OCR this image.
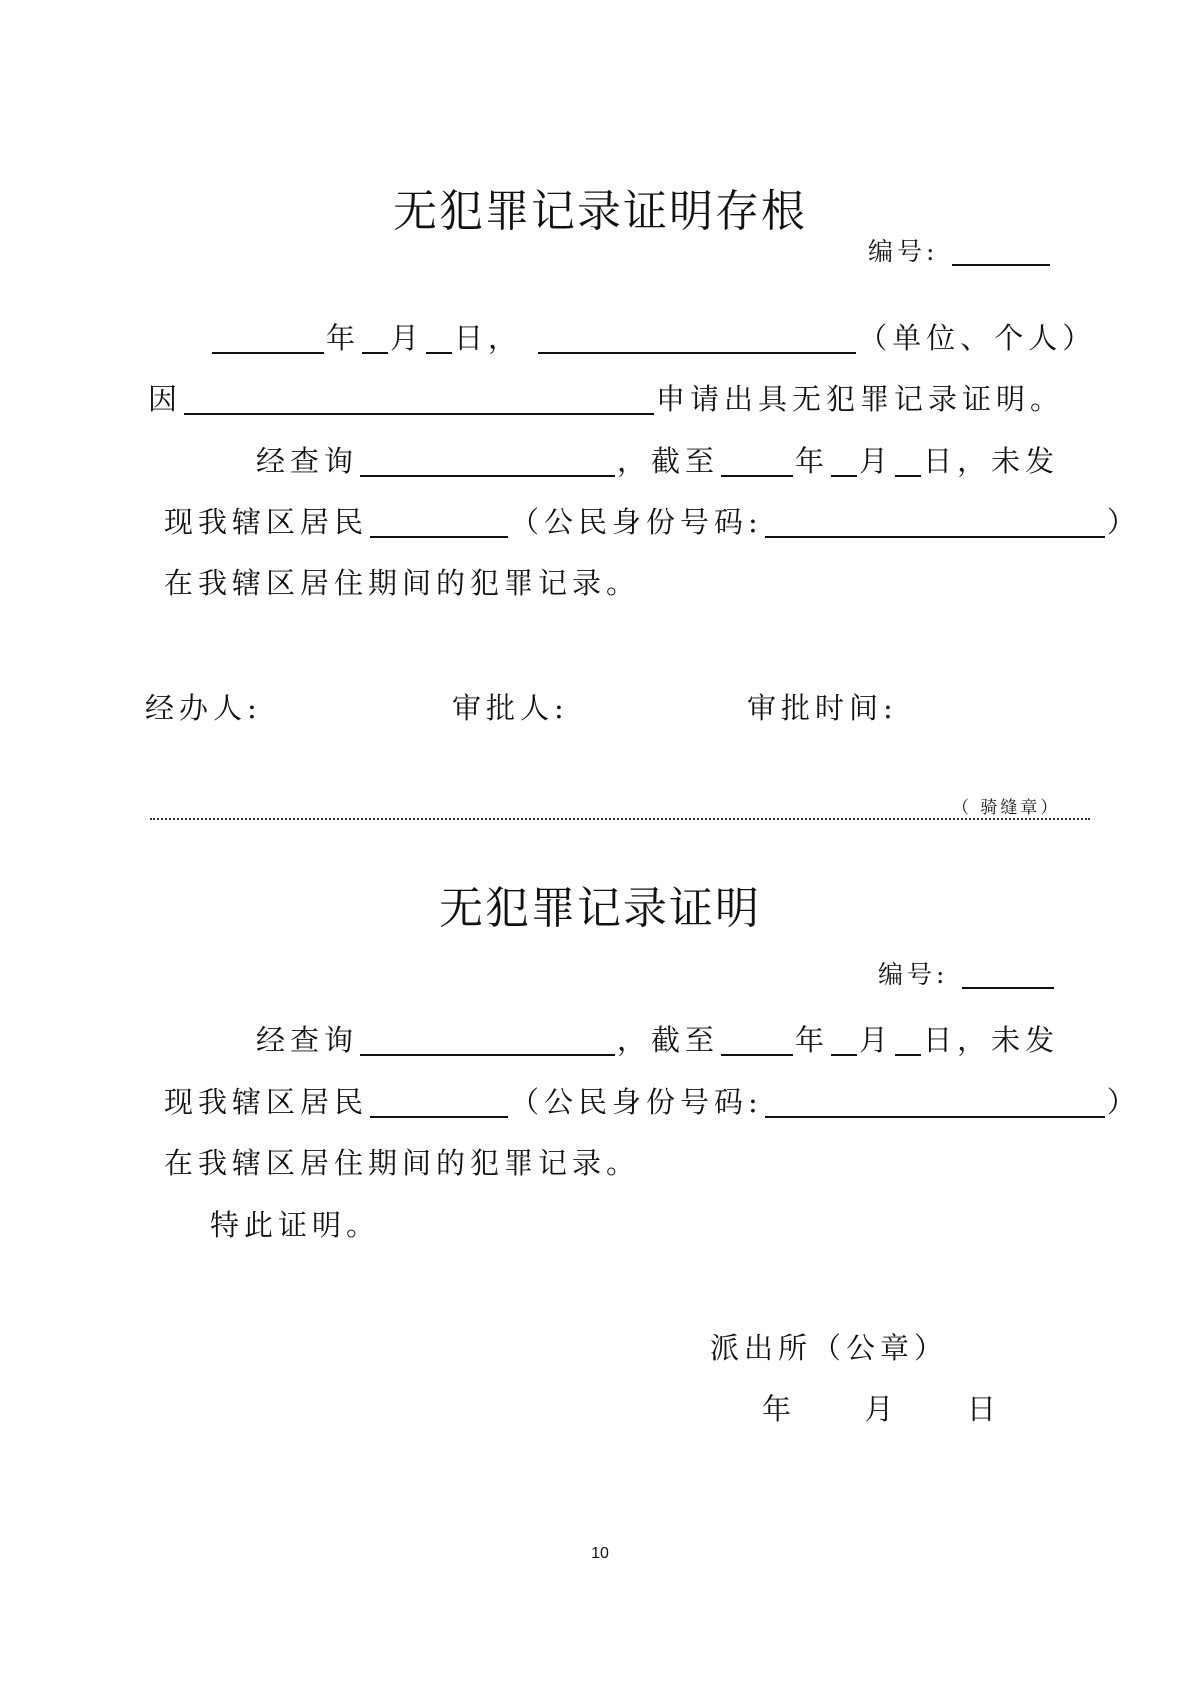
无犯罪记录证明存根
编号:
年 月 日，	（单位、个人）
因	申请出具无犯罪记录证明。
经查询	，截至	年 月 日，未发
现我辖区居民	（公民身份号码:	）
在我辖区居住期间的犯罪记录。
经办人:	审批人:	审批时间:
（ 骑缝章）
无犯罪记录证明
编号:
经查询	，截至	年 月 日，未发
现我辖区居民	（公民身份号码:	）
在我辖区居住期间的犯罪记录。
特此证明。
派出所（公章）
年 月 日
10
